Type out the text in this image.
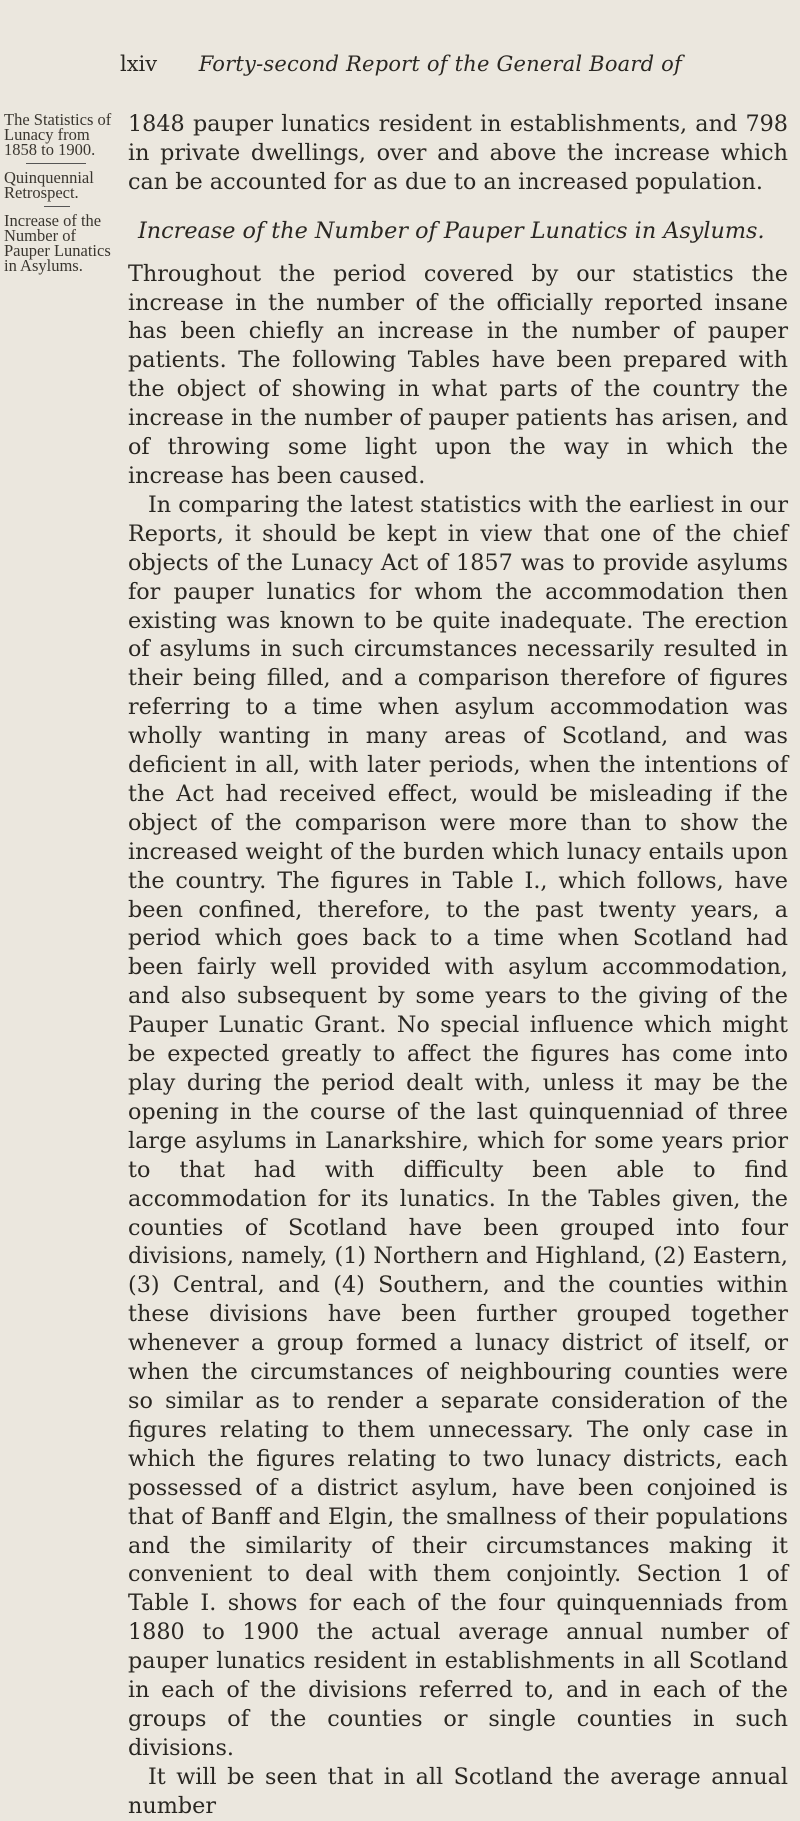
lxiv Forty-second Report of the General Board of

The Statistics of Lunacy from 1858 to 1900.

Quinquennial Retrospect.

Increase of the Number of Pauper Lunatics in Asylums.

1848 pauper lunatics resident in establishments, and 798 in private dwellings, over and above the increase which can be accounted for as due to an increased population.

Increase of the Number of Pauper Lunatics in Asylums.

Throughout the period covered by our statistics the increase in the number of the officially reported insane has been chiefly an increase in the number of pauper patients. The following Tables have been prepared with the object of showing in what parts of the country the increase in the number of pauper patients has arisen, and of throwing some light upon the way in which the increase has been caused.

In comparing the latest statistics with the earliest in our Reports, it should be kept in view that one of the chief objects of the Lunacy Act of 1857 was to provide asylums for pauper lunatics for whom the accommodation then existing was known to be quite inadequate. The erection of asylums in such circumstances necessarily resulted in their being filled, and a comparison therefore of figures referring to a time when asylum accommodation was wholly wanting in many areas of Scotland, and was deficient in all, with later periods, when the intentions of the Act had received effect, would be misleading if the object of the comparison were more than to show the increased weight of the burden which lunacy entails upon the country. The figures in Table I., which follows, have been confined, therefore, to the past twenty years, a period which goes back to a time when Scotland had been fairly well provided with asylum accommodation, and also subsequent by some years to the giving of the Pauper Lunatic Grant. No special influence which might be expected greatly to affect the figures has come into play during the period dealt with, unless it may be the opening in the course of the last quinquenniad of three large asylums in Lanarkshire, which for some years prior to that had with difficulty been able to find accommodation for its lunatics. In the Tables given, the counties of Scotland have been grouped into four divisions, namely, (1) Northern and Highland, (2) Eastern, (3) Central, and (4) Southern, and the counties within these divisions have been further grouped together whenever a group formed a lunacy district of itself, or when the circumstances of neighbouring counties were so similar as to render a separate consideration of the figures relating to them unnecessary. The only case in which the figures relating to two lunacy districts, each possessed of a district asylum, have been conjoined is that of Banff and Elgin, the smallness of their populations and the similarity of their circumstances making it convenient to deal with them conjointly. Section 1 of Table I. shows for each of the four quinquenniads from 1880 to 1900 the actual average annual number of pauper lunatics resident in establishments in all Scotland in each of the divisions referred to, and in each of the groups of the counties or single counties in such divisions.

It will be seen that in all Scotland the average annual number
